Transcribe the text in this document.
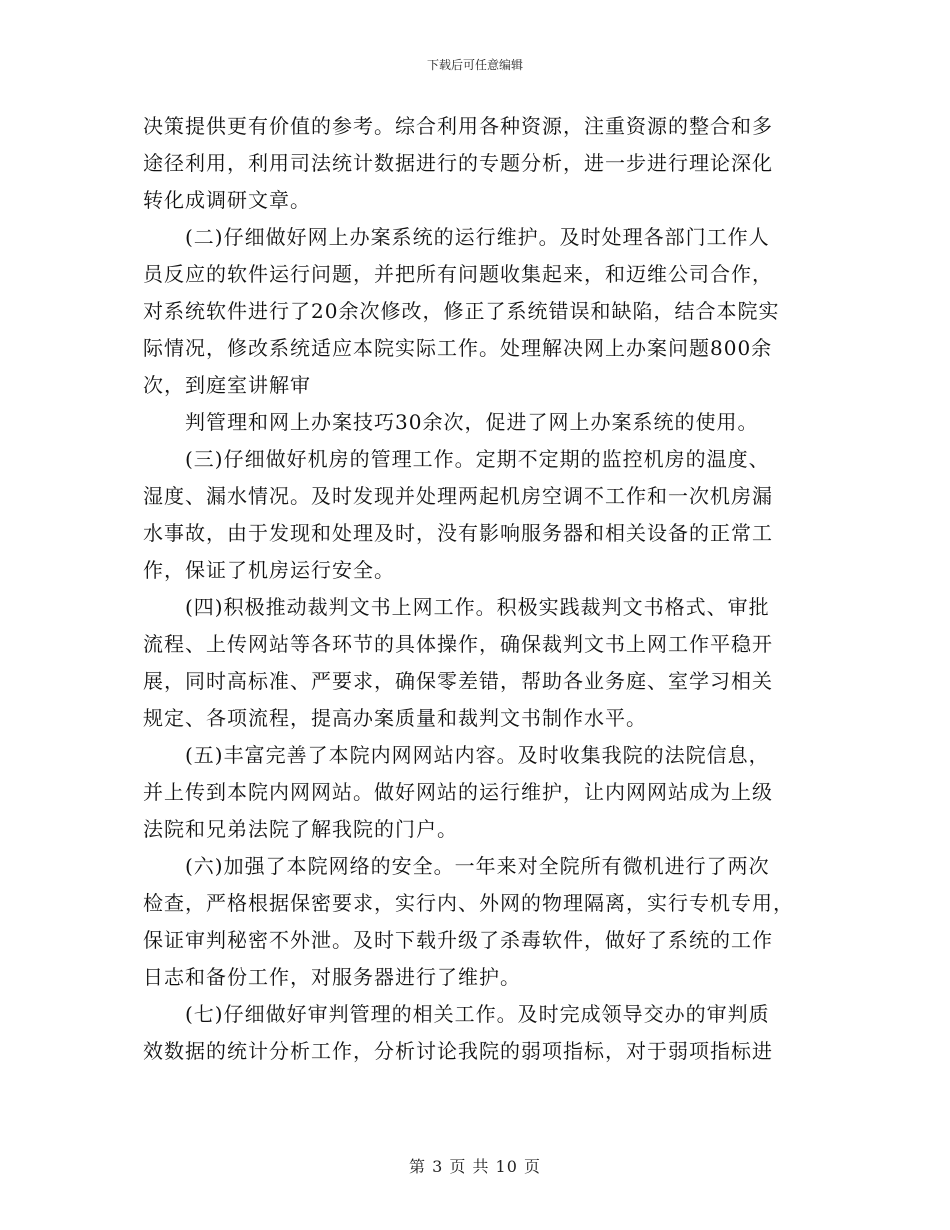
下载后可任意编辑

决策提供更有价值的参考。综合利用各种资源，注重资源的整合和多
途径利用，利用司法统计数据进行的专题分析，进一步进行理论深化
转化成调研文章。

(二)仔细做好网上办案系统的运行维护。及时处理各部门工作人
员反应的软件运行问题，并把所有问题收集起来，和迈维公司合作，
对系统软件进行了20余次修改，修正了系统错误和缺陷，结合本院实
际情况，修改系统适应本院实际工作。处理解决网上办案问题800余
次，到庭室讲解审

判管理和网上办案技巧30余次，促进了网上办案系统的使用。

(三)仔细做好机房的管理工作。定期不定期的监控机房的温度、
湿度、漏水情况。及时发现并处理两起机房空调不工作和一次机房漏
水事故，由于发现和处理及时，没有影响服务器和相关设备的正常工
作，保证了机房运行安全。

(四)积极推动裁判文书上网工作。积极实践裁判文书格式、审批
流程、上传网站等各环节的具体操作，确保裁判文书上网工作平稳开
展，同时高标准、严要求，确保零差错，帮助各业务庭、室学习相关
规定、各项流程，提高办案质量和裁判文书制作水平。

(五)丰富完善了本院内网网站内容。及时收集我院的法院信息，
并上传到本院内网网站。做好网站的运行维护，让内网网站成为上级
法院和兄弟法院了解我院的门户。

(六)加强了本院网络的安全。一年来对全院所有微机进行了两次
检查，严格根据保密要求，实行内、外网的物理隔离，实行专机专用，
保证审判秘密不外泄。及时下载升级了杀毒软件，做好了系统的工作
日志和备份工作，对服务器进行了维护。

(七)仔细做好审判管理的相关工作。及时完成领导交办的审判质
效数据的统计分析工作，分析讨论我院的弱项指标，对于弱项指标进

第 3 页 共 10 页
